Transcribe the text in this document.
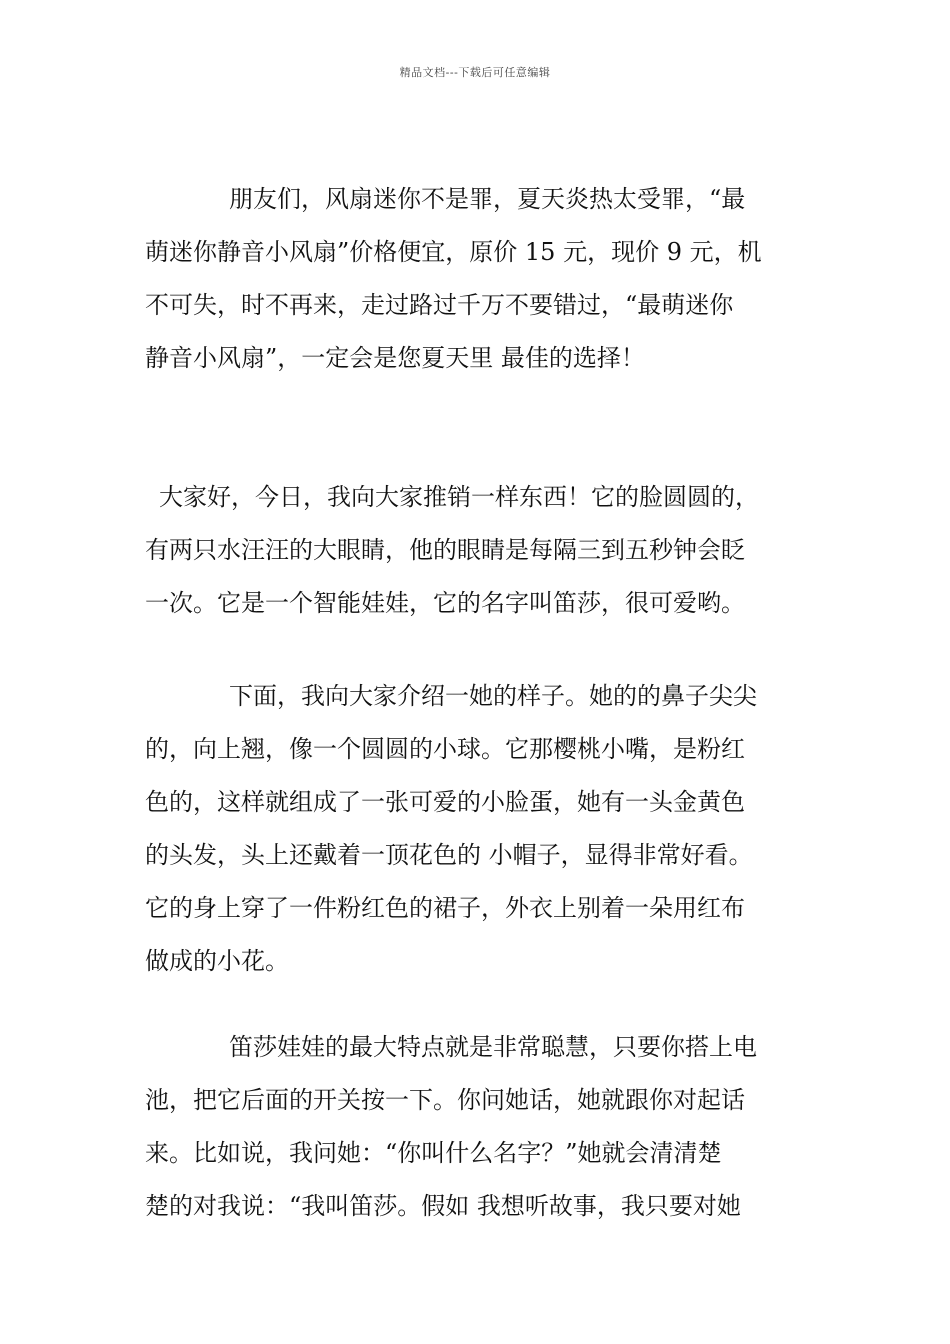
精品文档---下载后可任意编辑
朋友们，风扇迷你不是罪，夏天炎热太受罪，“最
萌迷你静音小风扇”价格便宜，原价 15 元，现价 9 元，机
不可失，时不再来，走过路过千万不要错过，“最萌迷你
静音小风扇”，一定会是您夏天里 最佳的选择！
大家好，今日，我向大家推销一样东西！它的脸圆圆的，
有两只水汪汪的大眼睛，他的眼睛是每隔三到五秒钟会眨
一次。它是一个智能娃娃，它的名字叫笛莎，很可爱哟。
下面，我向大家介绍一她的样子。她的的鼻子尖尖
的，向上翘，像一个圆圆的小球。它那樱桃小嘴，是粉红
色的，这样就组成了一张可爱的小脸蛋，她有一头金黄色
的头发，头上还戴着一顶花色的 小帽子，显得非常好看。
它的身上穿了一件粉红色的裙子，外衣上别着一朵用红布
做成的小花。
笛莎娃娃的最大特点就是非常聪慧，只要你搭上电
池，把它后面的开关按一下。你问她话，她就跟你对起话
来。比如说，我问她：“你叫什么名字？”她就会清清楚
楚的对我说：“我叫笛莎。假如 我想听故事，我只要对她
